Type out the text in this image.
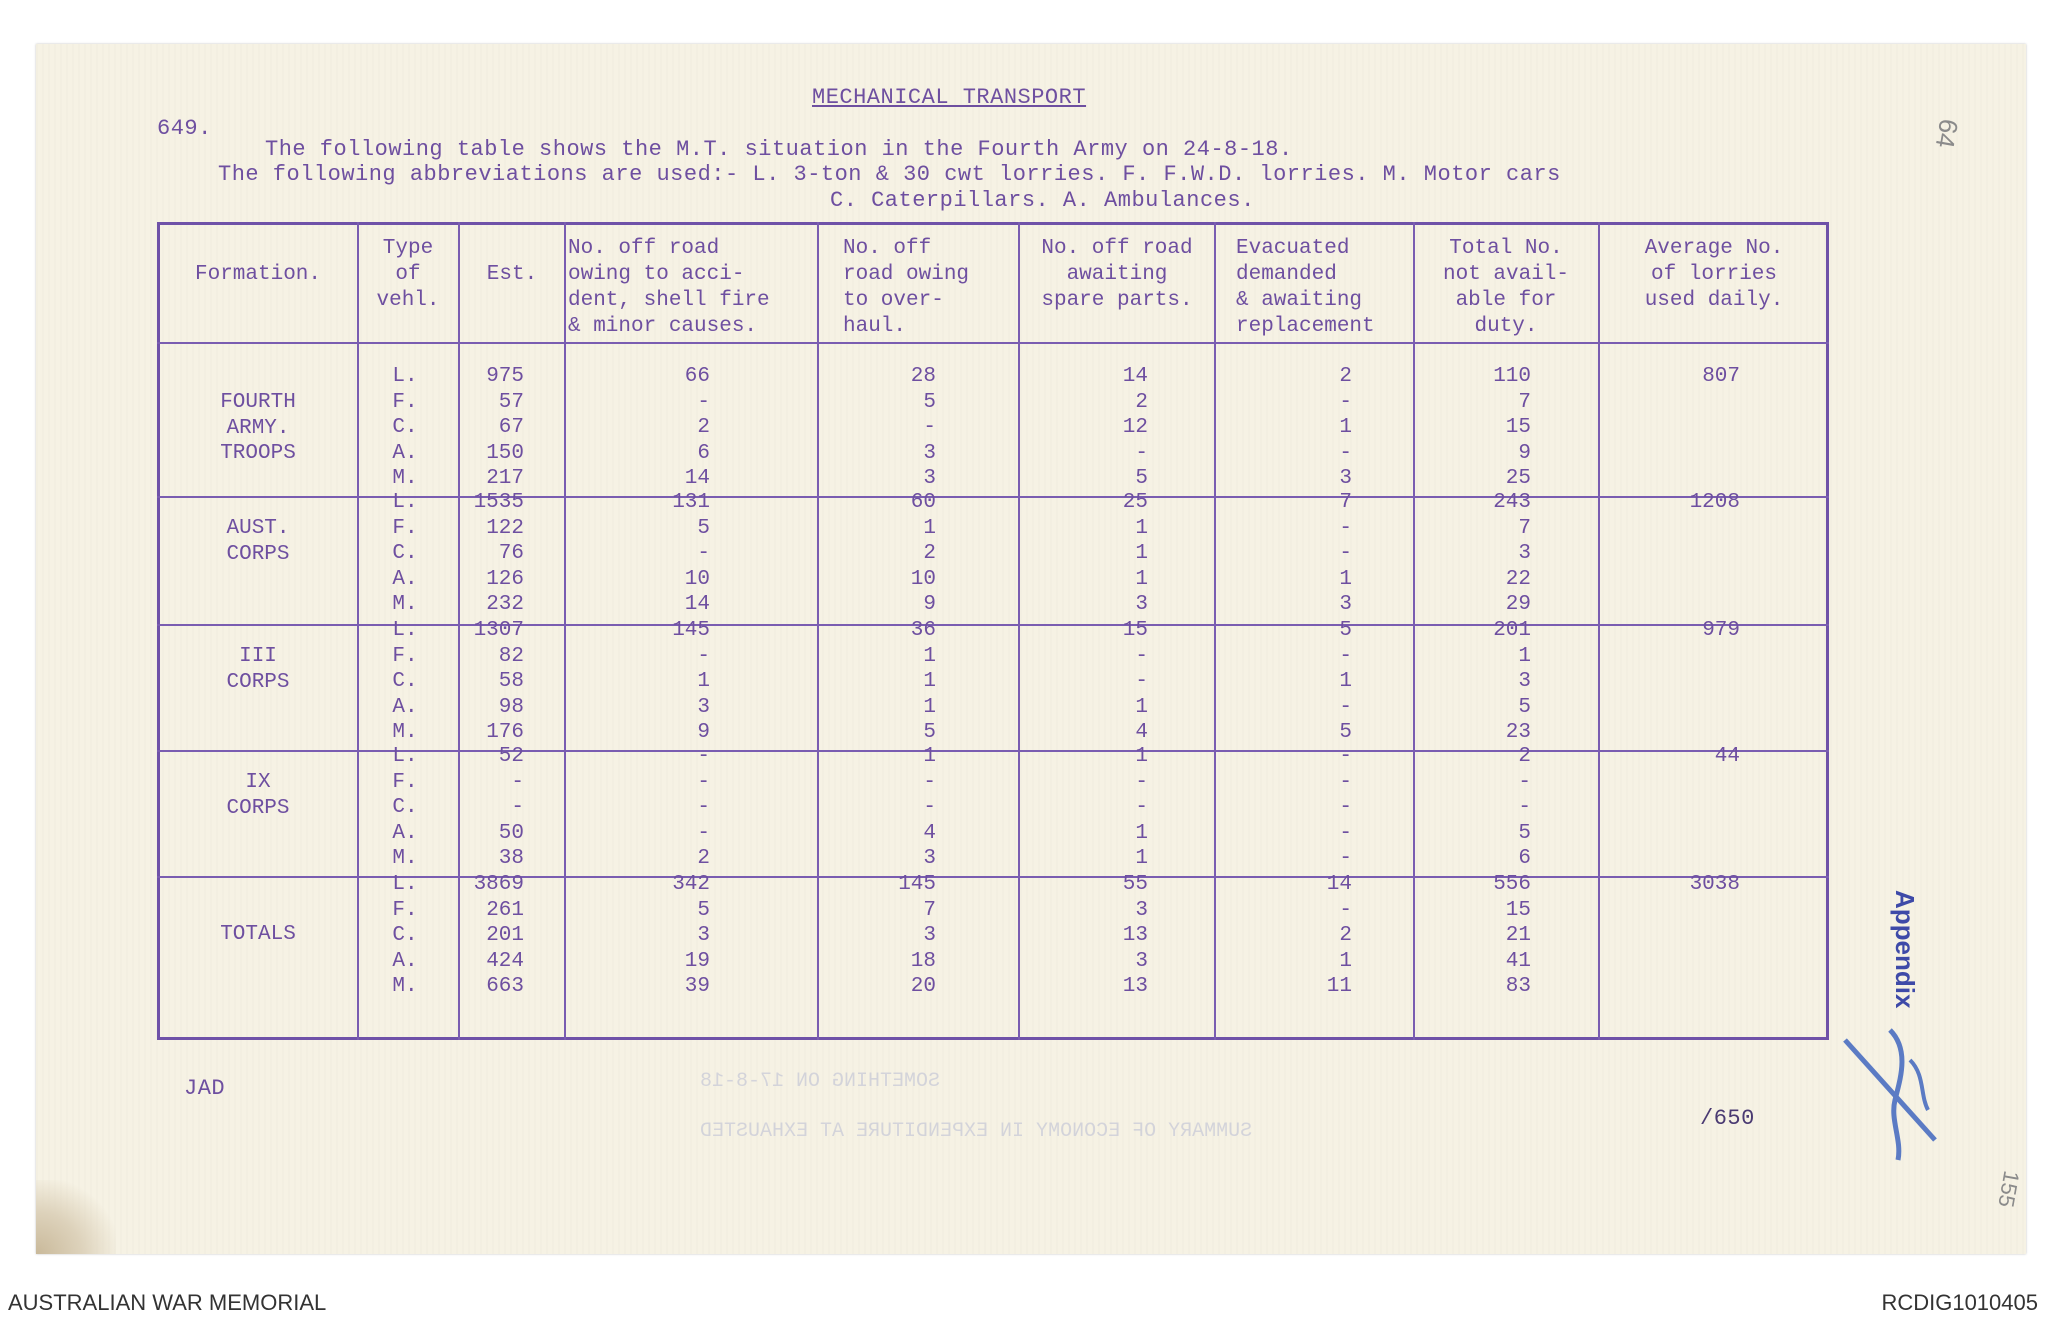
SUMMARY OF ECONOMY IN EXPENDITURE AT EXHAUSTED
SOMETHING ON 17-8-18
MECHANICAL TRANSPORT
649.
The following table shows the M.T. situation in the Fourth Army on 24-8-18.
The following abbreviations are used:- L. 3-ton & 30 cwt lorries. F. F.W.D. lorries. M. Motor cars
C. Caterpillars. A. Ambulances.
Formation.
Type
of
vehl.
Est.
No. off road
owing to acci-
dent, shell fire
& minor causes.
No. off
road owing
to over-
haul.
No. off road
awaiting
spare parts.
Evacuated
demanded
& awaiting
replacement
Total No.
not avail-
able for
duty.
Average No.
of lorries
used daily.
FOURTH
ARMY.
TROOPS
L.
F.
C.
A.
M.
975
57
67
150
217
66
-
2
6
14
28
5
-
3
3
14
2
12
-
5
2
-
1
-
3
110
7
15
9
25
807
AUST.
CORPS
L.
F.
C.
A.
M.
1535
122
76
126
232
131
5
-
10
14
60
1
2
10
9
25
1
1
1
3
7
-
-
1
3
243
7
3
22
29
1208
III
CORPS
L.
F.
C.
A.
M.
1307
82
58
98
176
145
-
1
3
9
36
1
1
1
5
15
-
-
1
4
5
-
1
-
5
201
1
3
5
23
979
IX
CORPS
L.
F.
C.
A.
M.
52
-
-
50
38
-
-
-
-
2
1
-
-
4
3
1
-
-
1
1
-
-
-
-
-
2
-
-
5
6
44
TOTALS
L.
F.
C.
A.
M.
3869
261
201
424
663
342
5
3
19
39
145
7
3
18
20
55
3
13
3
13
14
-
2
1
11
556
15
21
41
83
3038
JAD
/650
64
155
Appendix
AUSTRALIAN WAR MEMORIAL	RCDIG1010405
